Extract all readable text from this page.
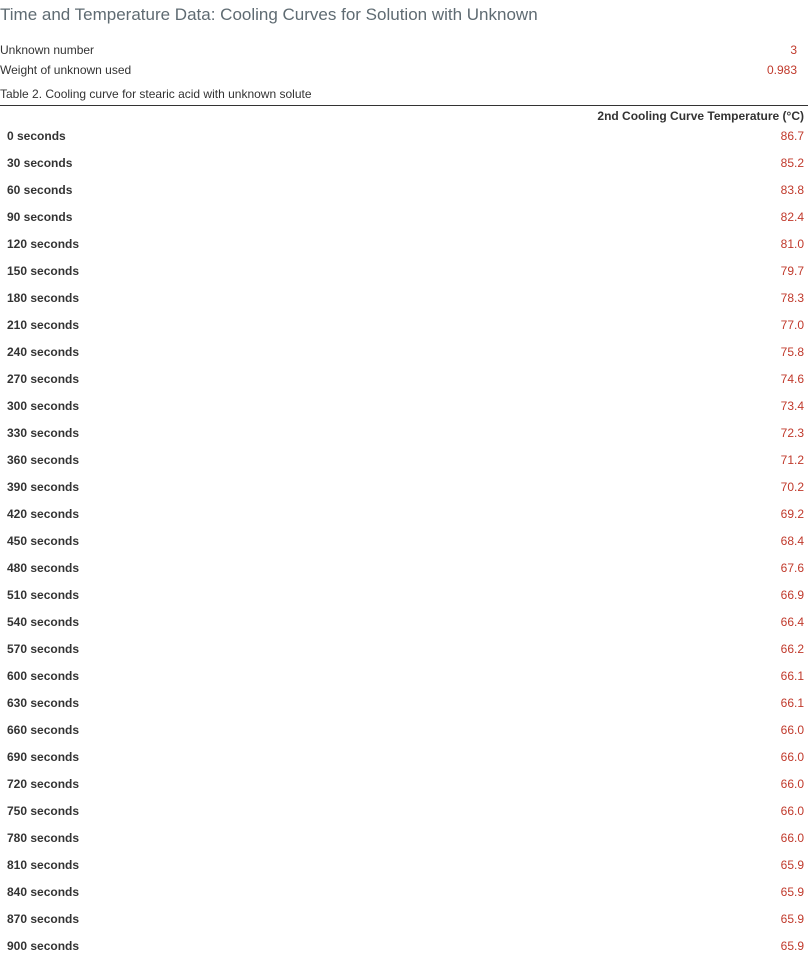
Time and Temperature Data: Cooling Curves for Solution with Unknown
Unknown number	3
Weight of unknown used	0.983
Table 2. Cooling curve for stearic acid with unknown solute
2nd Cooling Curve Temperature (°C)
0 seconds	86.7
30 seconds	85.2
60 seconds	83.8
90 seconds	82.4
120 seconds	81.0
150 seconds	79.7
180 seconds	78.3
210 seconds	77.0
240 seconds	75.8
270 seconds	74.6
300 seconds	73.4
330 seconds	72.3
360 seconds	71.2
390 seconds	70.2
420 seconds	69.2
450 seconds	68.4
480 seconds	67.6
510 seconds	66.9
540 seconds	66.4
570 seconds	66.2
600 seconds	66.1
630 seconds	66.1
660 seconds	66.0
690 seconds	66.0
720 seconds	66.0
750 seconds	66.0
780 seconds	66.0
810 seconds	65.9
840 seconds	65.9
870 seconds	65.9
900 seconds	65.9
